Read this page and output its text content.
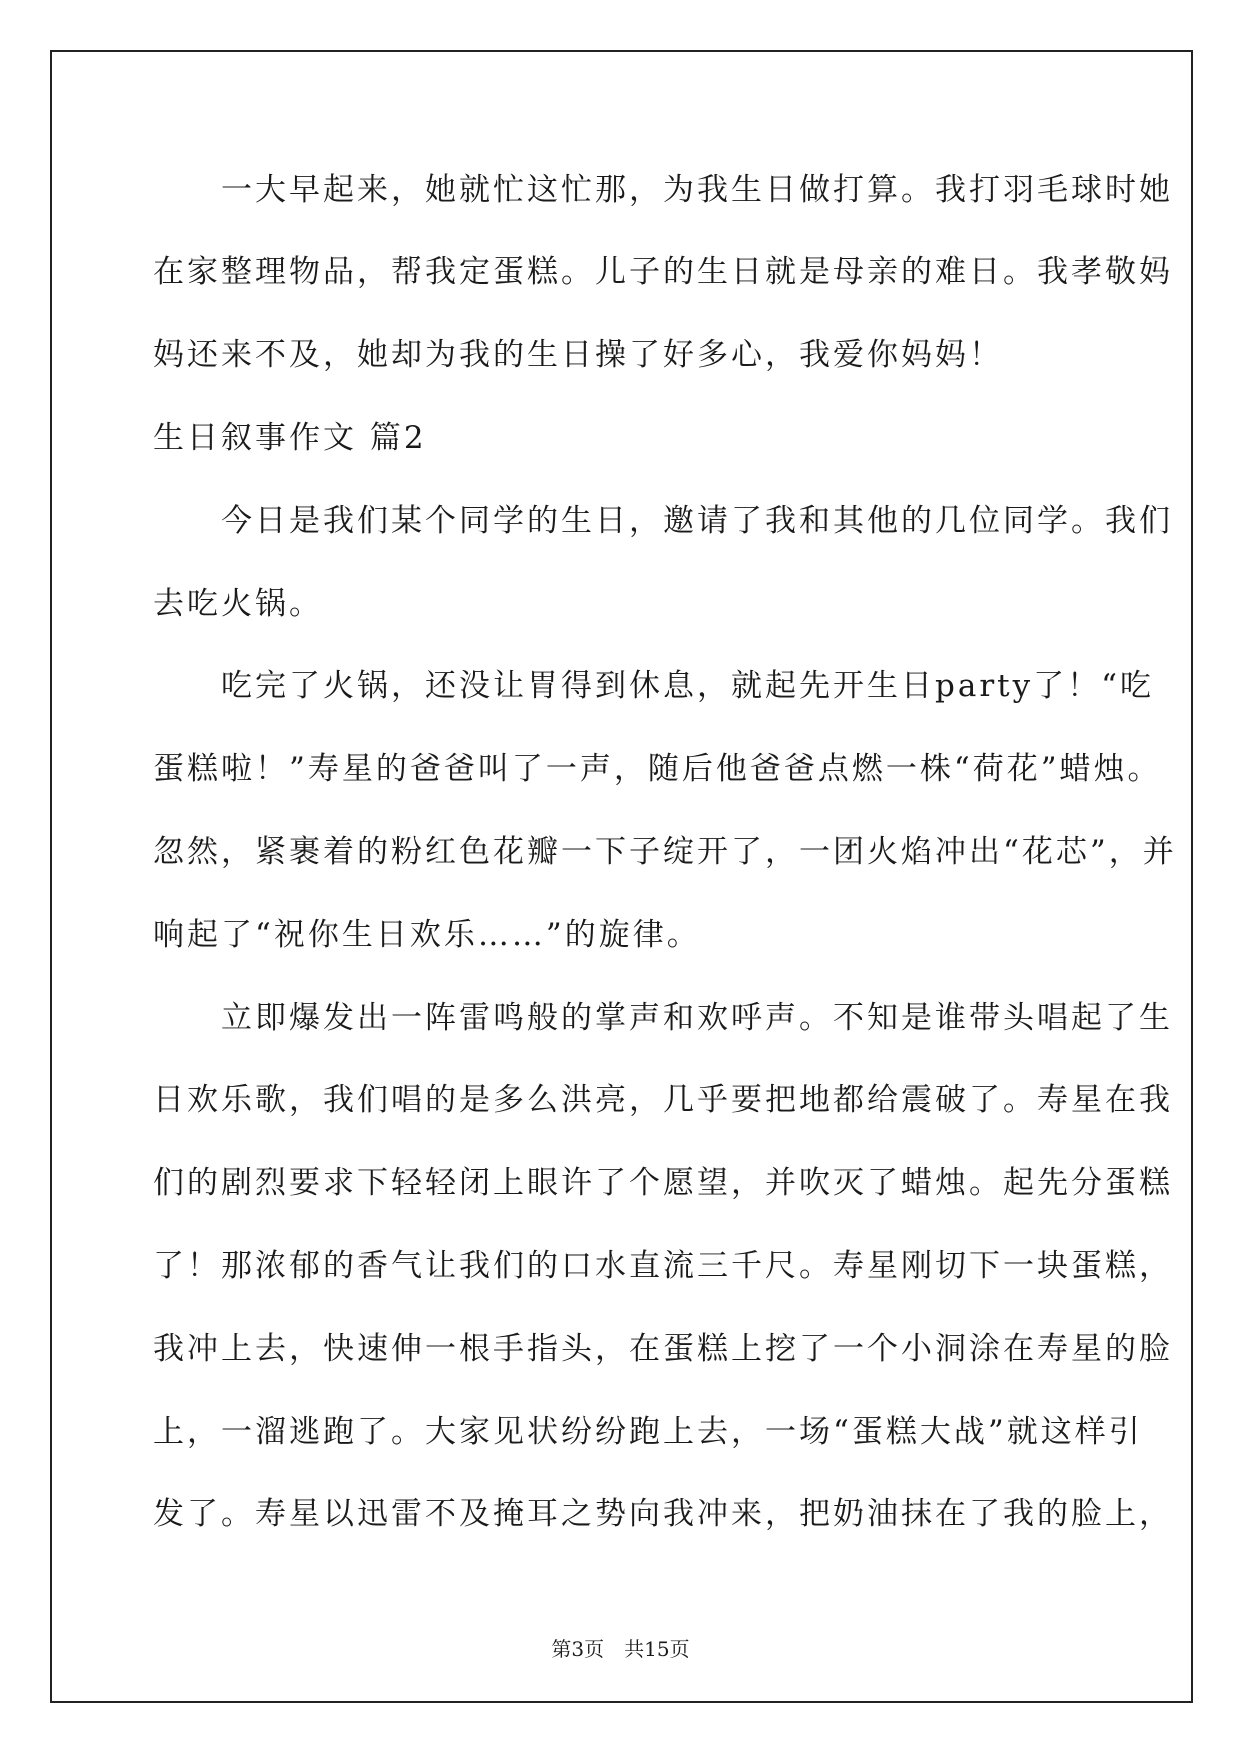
　　一大早起来，她就忙这忙那，为我生日做打算。我打羽毛球时她
在家整理物品，帮我定蛋糕。儿子的生日就是母亲的难日。我孝敬妈
妈还来不及，她却为我的生日操了好多心，我爱你妈妈！
生日叙事作文 篇2
　　今日是我们某个同学的生日，邀请了我和其他的几位同学。我们
去吃火锅。
　　吃完了火锅，还没让胃得到休息，就起先开生日party了！“吃
蛋糕啦！”寿星的爸爸叫了一声，随后他爸爸点燃一株“荷花”蜡烛。
忽然，紧裹着的粉红色花瓣一下子绽开了，一团火焰冲出“花芯”，并
响起了“祝你生日欢乐……”的旋律。
　　立即爆发出一阵雷鸣般的掌声和欢呼声。不知是谁带头唱起了生
日欢乐歌，我们唱的是多么洪亮，几乎要把地都给震破了。寿星在我
们的剧烈要求下轻轻闭上眼许了个愿望，并吹灭了蜡烛。起先分蛋糕
了！那浓郁的香气让我们的口水直流三千尺。寿星刚切下一块蛋糕，
我冲上去，快速伸一根手指头，在蛋糕上挖了一个小洞涂在寿星的脸
上，一溜逃跑了。大家见状纷纷跑上去，一场“蛋糕大战”就这样引
发了。寿星以迅雷不及掩耳之势向我冲来，把奶油抹在了我的脸上，
第3页　共15页
